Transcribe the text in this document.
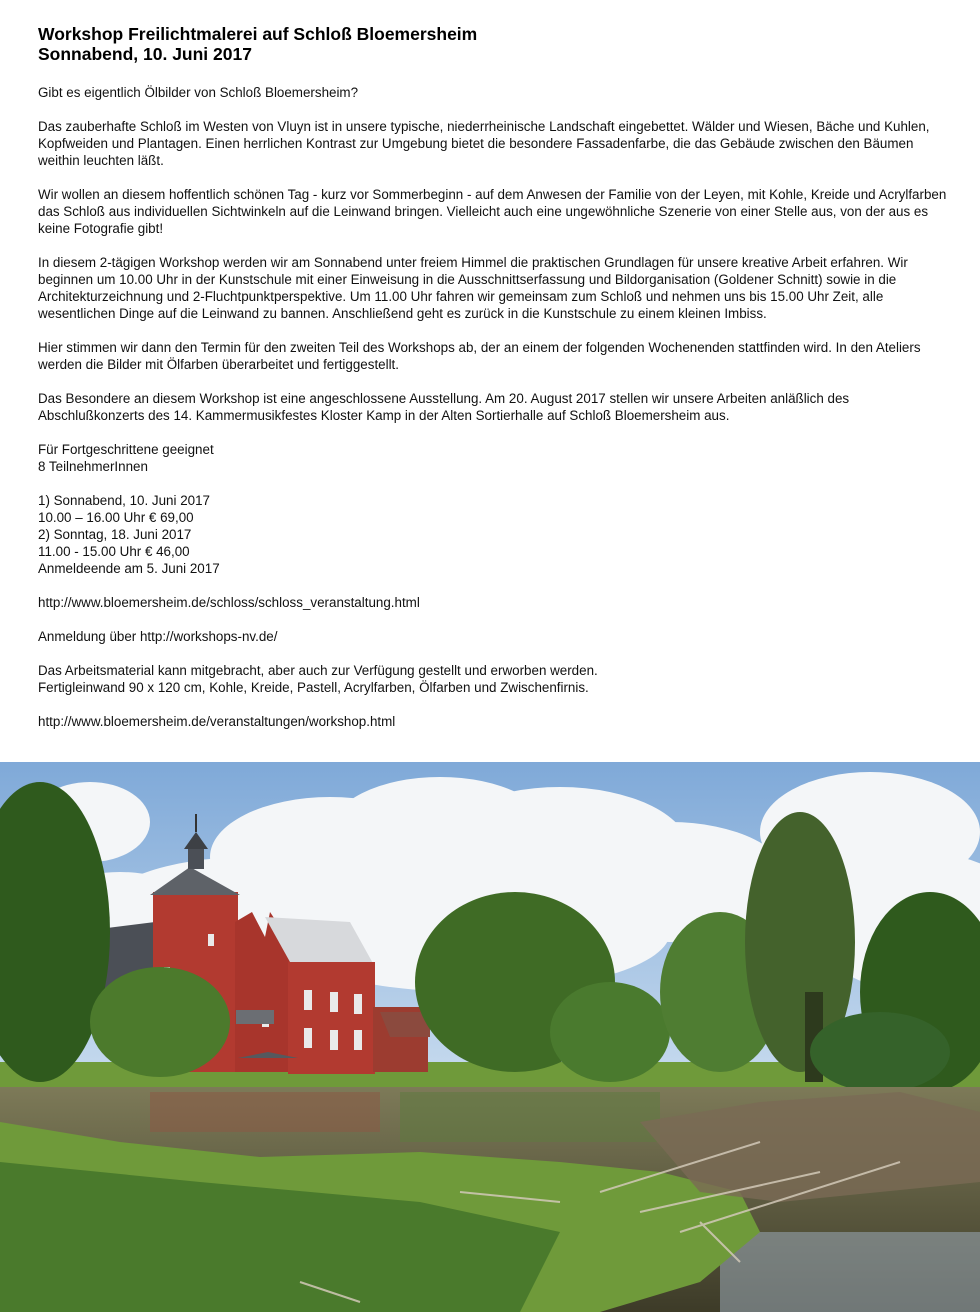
Workshop Freilichtmalerei auf Schloß Bloemersheim

Sonnabend, 10. Juni 2017

Gibt es eigentlich Ölbilder von Schloß Bloemersheim?

Das zauberhafte Schloß im Westen von Vluyn ist in unsere typische, niederrheinische Landschaft eingebettet. Wälder und Wiesen, Bäche und Kuhlen, Kopfweiden und Plantagen. Einen herrlichen Kontrast zur Umgebung bietet die besondere Fassadenfarbe, die das Gebäude zwischen den Bäumen weithin leuchten läßt.

Wir wollen an diesem hoffentlich schönen Tag - kurz vor Sommerbeginn - auf dem Anwesen der Familie von der Leyen, mit Kohle, Kreide und Acrylfarben das Schloß aus individuellen Sichtwinkeln auf die Leinwand bringen. Vielleicht auch eine ungewöhnliche Szenerie von einer Stelle aus, von der aus es keine Fotografie gibt!

In diesem 2-tägigen Workshop werden wir am Sonnabend unter freiem Himmel die praktischen Grundlagen für unsere kreative Arbeit erfahren. Wir beginnen um 10.00 Uhr in der Kunstschule mit einer Einweisung in die Ausschnittserfassung und Bildorganisation (Goldener Schnitt) sowie in die Architekturzeichnung und 2-Fluchtpunktperspektive. Um 11.00 Uhr fahren wir gemeinsam zum Schloß und nehmen uns bis 15.00 Uhr Zeit, alle wesentlichen Dinge auf die Leinwand zu bannen. Anschließend geht es zurück in die Kunstschule zu einem kleinen Imbiss.

Hier stimmen wir dann den Termin für den zweiten Teil des Workshops ab, der an einem der folgenden Wochenenden stattfinden wird. In den Ateliers werden die Bilder mit Ölfarben überarbeitet und fertiggestellt.

Das Besondere an diesem Workshop ist eine angeschlossene Ausstellung. Am 20. August 2017 stellen wir unsere Arbeiten anläßlich des Abschlußkonzerts des 14. Kammermusikfestes Kloster Kamp in der Alten Sortierhalle auf Schloß Bloemersheim aus.

Für Fortgeschrittene geeignet

8 TeilnehmerInnen

1) Sonnabend, 10. Juni 2017

10.00 – 16.00 Uhr € 69,00

2) Sonntag, 18. Juni 2017

11.00 - 15.00 Uhr € 46,00

Anmeldeende am 5. Juni 2017

http://www.bloemersheim.de/schloss/schloss_veranstaltung.html

Anmeldung über http://workshops-nv.de/

Das Arbeitsmaterial kann mitgebracht, aber auch zur Verfügung gestellt und erworben werden.

Fertigleinwand 90 x 120 cm, Kohle, Kreide, Pastell, Acrylfarben, Ölfarben und Zwischenfirnis.

http://www.bloemersheim.de/veranstaltungen/workshop.html
